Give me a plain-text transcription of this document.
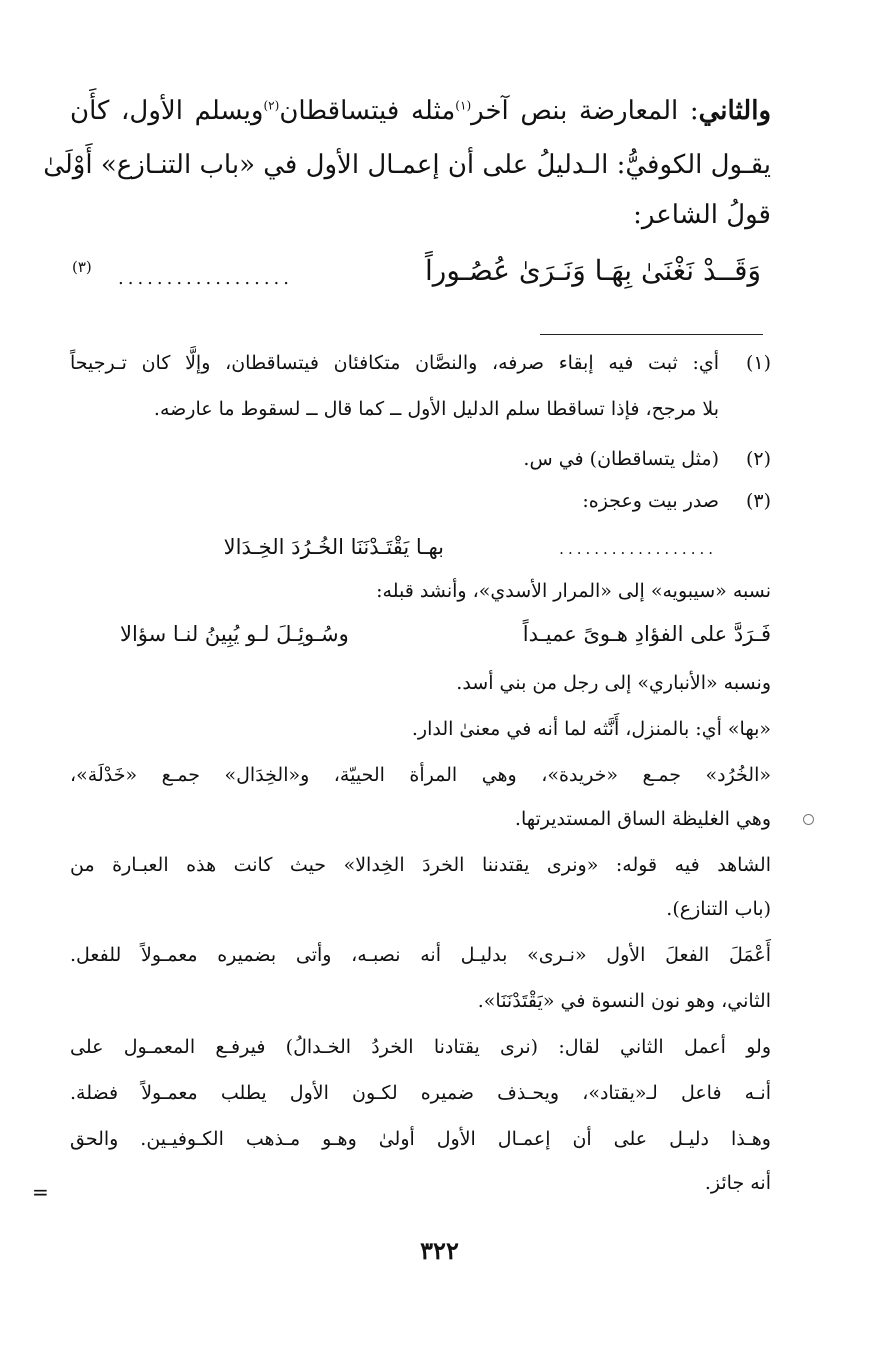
والثاني: المعارضة بنص آخر$^{(١)}$مثله فيتساقطان$^{(٢)}$ويسلم الأول، كأَن
يقـول الكوفيُّ: الـدليلُ على أن إعمـال الأول في «باب التنـازع» أَوْلَىٰ
قولُ الشاعر:
وَقَــدْ نَغْنَىٰ بِهَـا وَنَـرَىٰ عُصُـوراً
..................
(٣)
(١)
أي: ثبت فيه إبقاء صرفه، والنصَّان متكافئان فيتساقطان، وإلَّا كان تـرجيحاً
بلا مرجح، فإذا تساقطا سلم الدليل الأول ــ كما قال ــ لسقوط ما عارضه.
(٢)
(مثل يتساقطان) في س.
(٣)
صدر بيت وعجزه:
بهـا يَقْتَـدْنَنَا الخُـرُدَ الخِـدَالا	..................
نسبه «سيبويه» إلى «المرار الأسدي»، وأنشد قبله:
فَـرَدَّ على الفؤادِ هـوىً عميـداً
وسُـوئِـلَ لـو يُبِينُ لنـا سؤالا
ونسبه «الأنباري» إلى رجل من بني أسد.
«بها» أي: بالمنزل، أَنَّثه لما أنه في معنىٰ الدار.
«الخُرُد» جمـع «خريدة»، وهي المرأة الحييّة، و«الخِدَال» جمـع «خَدْلَة»،
وهي الغليظة الساق المستديرتها.
الشاهد فيه قوله: «ونرى يقتدننا الخردَ الخِدالا» حيث كانت هذه العبـارة من
(باب التنازع).
أَعْمَلَ الفعلَ الأول «نـرى» بدليـل أنه نصبـه، وأتى بضميره معمـولاً للفعل.
الثاني، وهو نون النسوة في «يَقْتَدْنَنَا».
ولو أعمل الثاني لقال: (نرى يقتادنا الخردُ الخـدالُ) فيرفـع المعمـول على
أنـه فاعل لـ«يقتاد»، ويحـذف ضميره لكـون الأول يطلب معمـولاً فضلة.
وهـذا دليـل على أن إعمـال الأول أولىٰ وهـو مـذهب الكـوفيـين. والحق
أنه جائز.
=
٣٢٢
